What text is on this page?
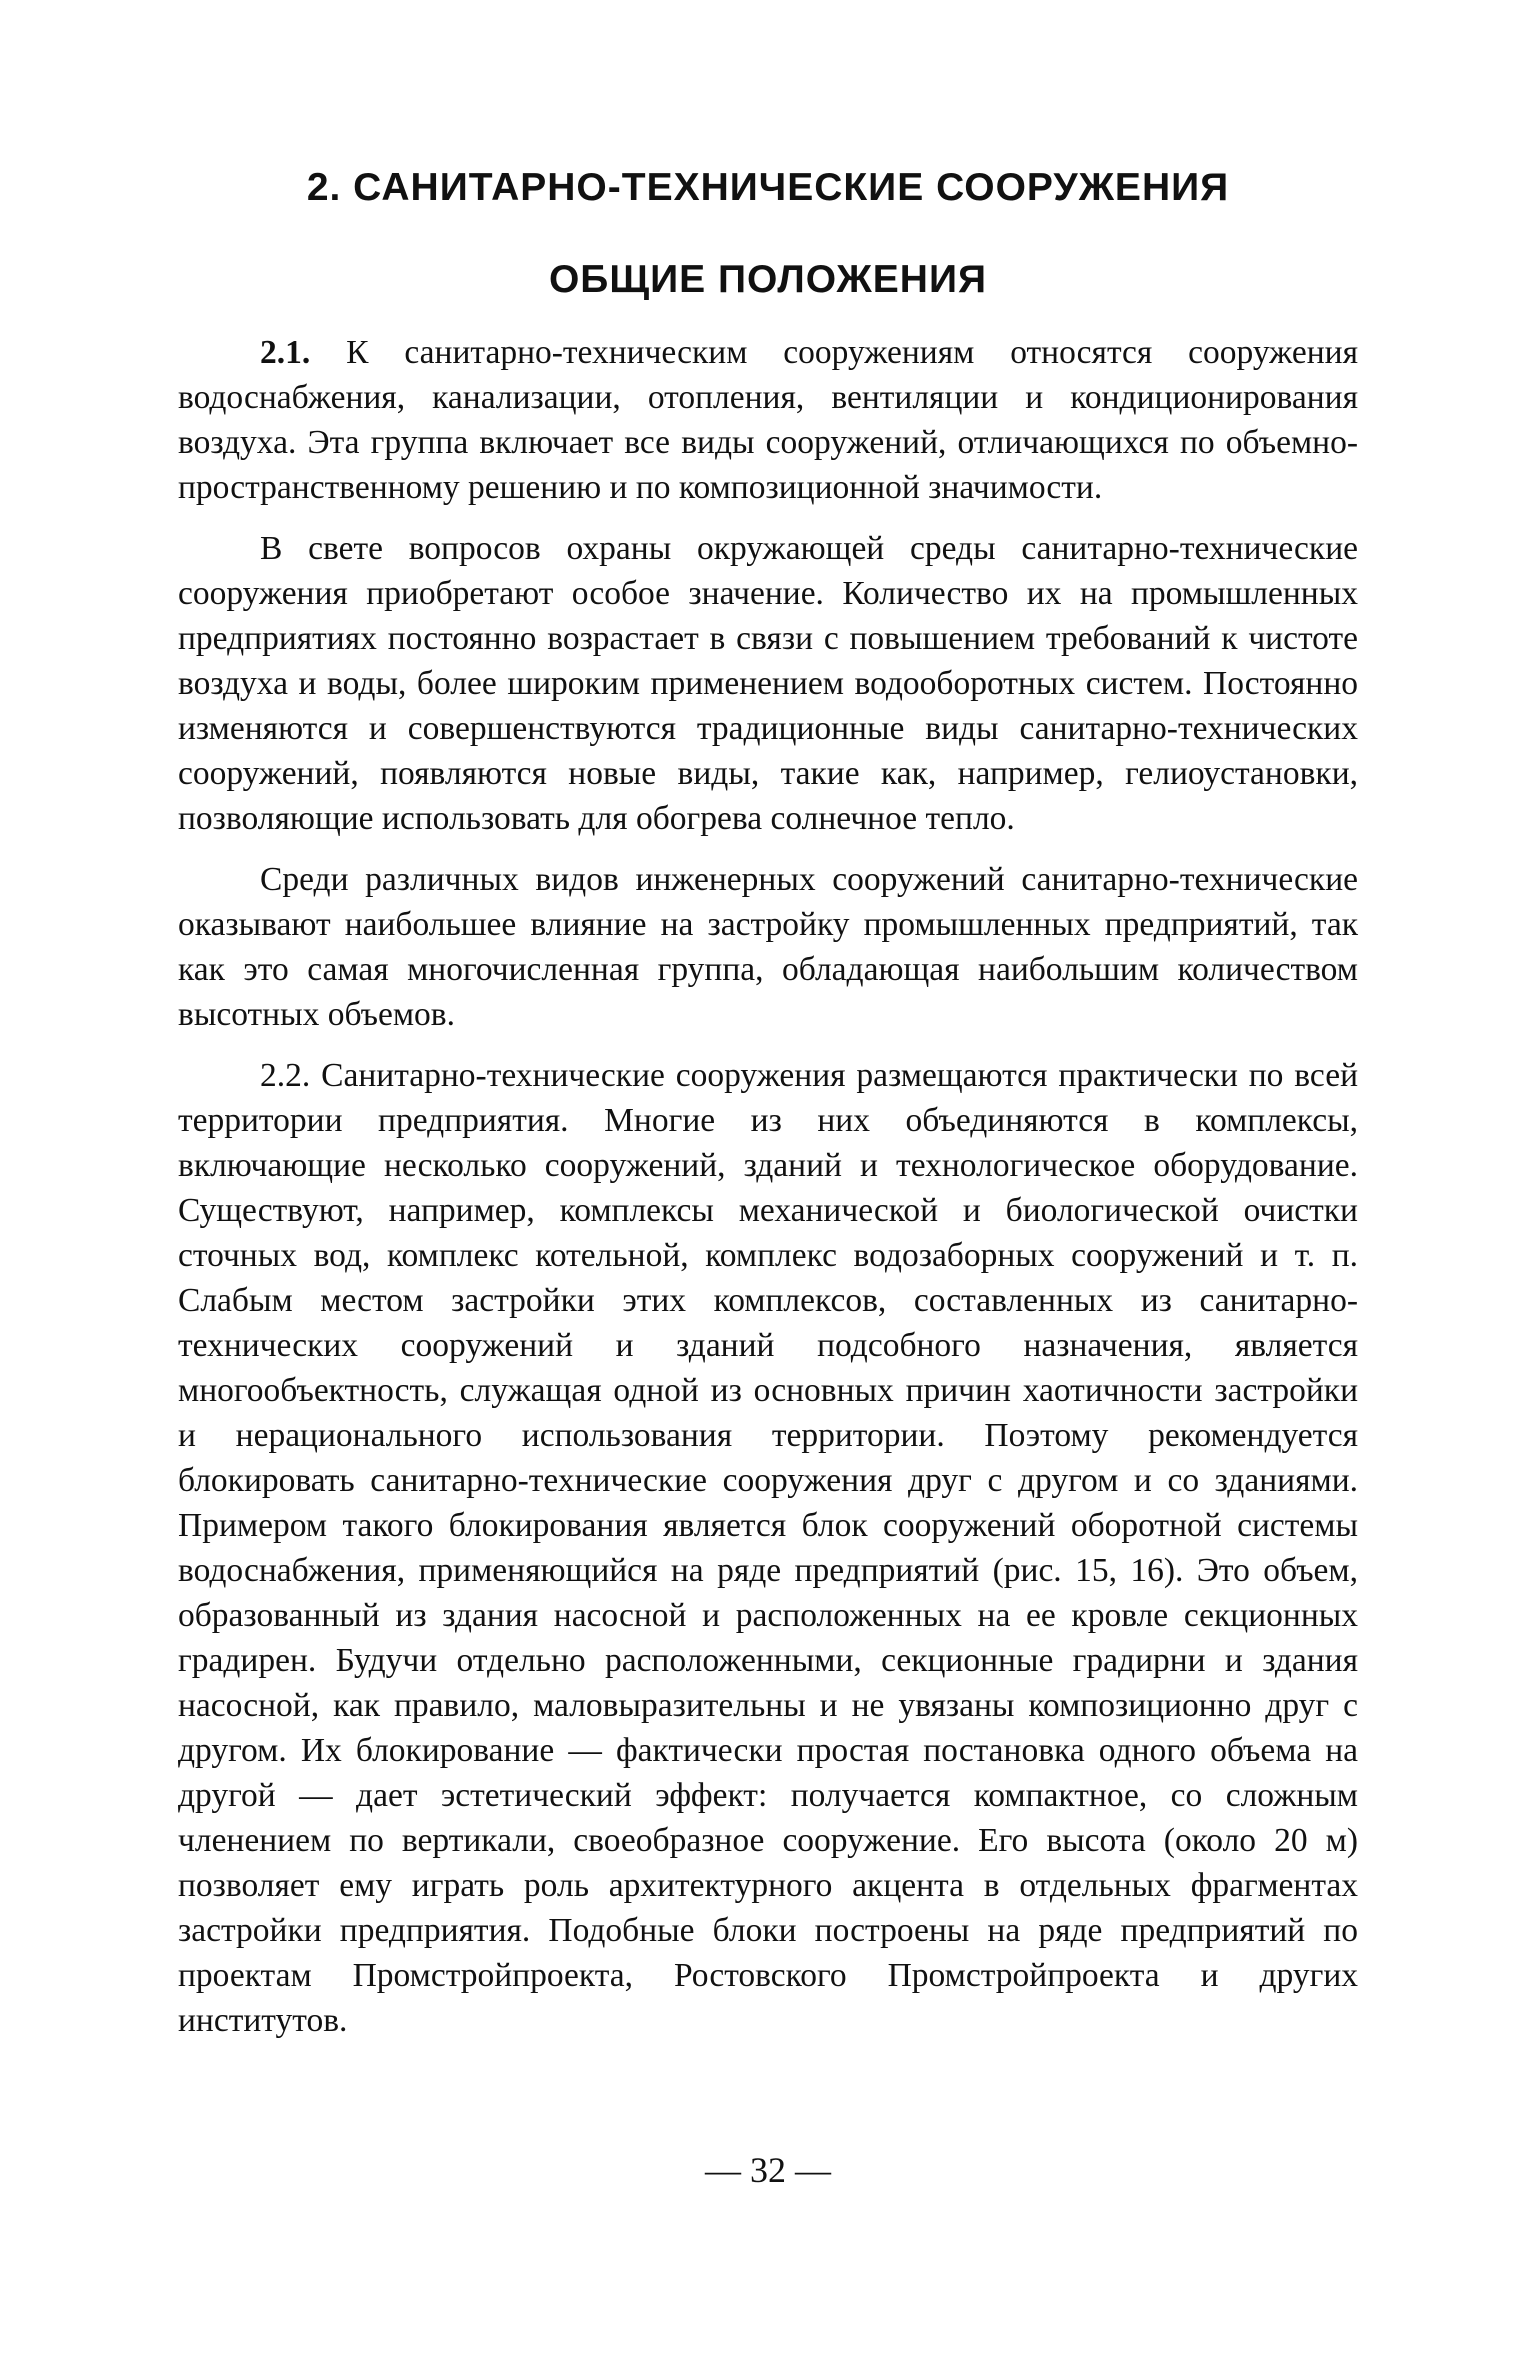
2. САНИТАРНО-ТЕХНИЧЕСКИЕ СООРУЖЕНИЯ
ОБЩИЕ ПОЛОЖЕНИЯ

2.1. К санитарно-техническим сооружениям относятся сооружения водоснабжения, канализации, отопления, вентиляции и кондиционирования воздуха. Эта группа включает все виды сооружений, отличающихся по объемно-пространственному решению и по композиционной значимости.

В свете вопросов охраны окружающей среды санитарно-технические сооружения приобретают особое значение. Количество их на промышленных предприятиях постоянно возрастает в связи с повышением требований к чистоте воздуха и воды, более широким применением водооборотных систем. Постоянно изменяются и совершенствуются традиционные виды санитарно-технических сооружений, появляются новые виды, такие как, например, гелиоустановки, позволяющие использовать для обогрева солнечное тепло.

Среди различных видов инженерных сооружений санитарно-технические оказывают наибольшее влияние на застройку промышленных предприятий, так как это самая многочисленная группа, обладающая наибольшим количеством высотных объемов.

2.2. Санитарно-технические сооружения размещаются практически по всей территории предприятия. Многие из них объединяются в комплексы, включающие несколько сооружений, зданий и технологическое оборудование. Существуют, например, комплексы механической и биологической очистки сточных вод, комплекс котельной, комплекс водозаборных сооружений и т. п. Слабым местом застройки этих комплексов, составленных из санитарно-технических сооружений и зданий подсобного назначения, является многообъектность, служащая одной из основных причин хаотичности застройки и нерационального использования территории. Поэтому рекомендуется блокировать санитарно-технические сооружения друг с другом и со зданиями. Примером такого блокирования является блок сооружений оборотной системы водоснабжения, применяющийся на ряде предприятий (рис. 15, 16). Это объем, образованный из здания насосной и расположенных на ее кровле секционных градирен. Будучи отдельно расположенными, секционные градирни и здания насосной, как правило, маловыразительны и не увязаны композиционно друг с другом. Их блокирование — фактически простая постановка одного объема на другой — дает эстетический эффект: получается компактное, со сложным членением по вертикали, своеобразное сооружение. Его высота (около 20 м) позволяет ему играть роль архитектурного акцента в отдельных фрагментах застройки предприятия. Подобные блоки построены на ряде предприятий по проектам Промстройпроекта, Ростовского Промстройпроекта и других институтов.

— 32 —
